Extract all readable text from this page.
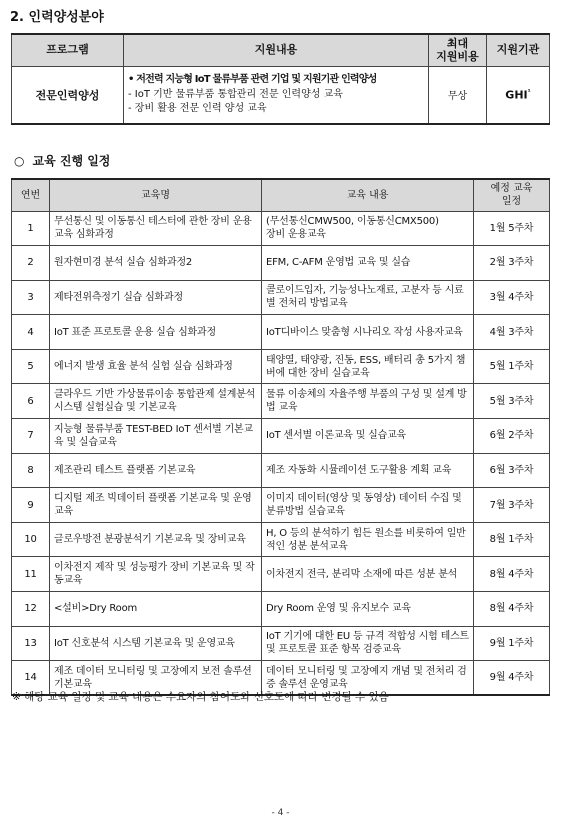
2. 인력양성분야
프로그램	지원내용	최대
지원비용	지원기관
전문인력양성	• 저전력 지능형 IoT 물류부품 관련 기업 및 지원기관 인력양성
- IoT 기반 물류부품 통합관리 전문 인력양성 교육
- 장비 활용 전문 인력 양성 교육	무상	$GHI^{^1}$
○ 교육 진행 일정
연번	교육명	교육 내용	예정 교육
일정
1	무선통신 및 이동통신 테스터에 관한 장비 운용교육 심화과정	(무선통신CMW500, 이동통신CMX500)
장비 운용교육	1월 5주차
2	원자현미경 분석 실습 심화과정2	EFM, C-AFM 운영법 교육 및 실습	2월 3주차
3	제타전위측정기 실습 심화과정	콜로이드입자, 기능성나노재료, 고분자 등 시료별 전처리 방법교육	3월 4주차
4	IoT 표준 프로토콜 운용 실습 심화과정	IoT디바이스 맞춤형 시나리오 작성 사용자교육	4월 3주차
5	에너지 발생 효율 분석 실험 실습 심화과정	태양열, 태양광, 진동, ESS, 배터리 총 5가지 챔버에 대한 장비 실습교육	5월 1주차
6	클라우드 기반 가상물류이송 통합관제 설계분석시스템 실험실습 및 기본교육	물류 이송체의 자율주행 부품의 구성 및 설계 방법 교육	5월 3주차
7	지능형 물류부품 TEST-BED IoT 센서별 기본교육 및 실습교육	IoT 센서별 이론교육 및 실습교육	6월 2주차
8	제조관리 테스트 플랫폼 기본교육	제조 자동화 시뮬레이션 도구활용 계획 교육	6월 3주차
9	디지털 제조 빅데이터 플랫폼 기본교육 및 운영교육	이미지 데이터(영상 및 동영상) 데이터 수집 및 분류방법 실습교육	7월 3주차
10	글로우방전 분광분석기 기본교육 및 장비교육	H, O 등의 분석하기 힘든 원소를 비롯하여 일반적인 성분 분석교육	8월 1주차
11	이차전지 제작 및 성능평가 장비 기본교육 및 작동교육	이차전지 전극, 분리막 소재에 따른 성분 분석	8월 4주차
12	<설비>Dry Room	Dry Room 운영 및 유지보수 교육	8월 4주차
13	IoT 신호분석 시스템 기본교육 및 운영교육	IoT 기기에 대한 EU 등 규격 적합성 시험 테스트 및 프로토콜 표준 항목 검증교육	9월 1주차
14	제조 데이터 모니터링 및 고장예지 보전 솔루션 기본교육	데이터 모니터링 및 고장예지 개념 및 전처리 검증 솔루션 운영교육	9월 4주차
※ 해당 교육 일정 및 교육 내용은 수요자의 참여도와 선호도에 따라 변경될 수 있음
- 4 -
